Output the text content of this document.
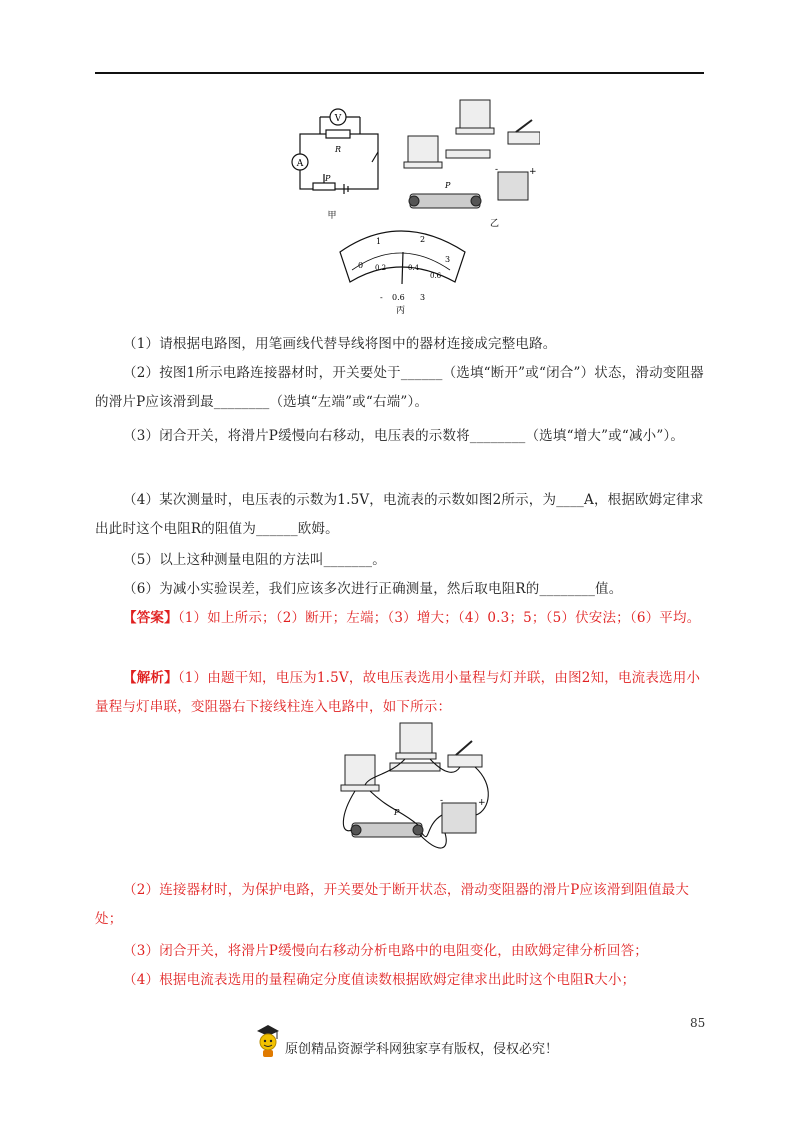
V
A
R
P
甲
P
-	+
乙
0
1	2
3
0.2	0.4
0.6
- 0.6 3
丙
（1）请根据电路图，用笔画线代替导线将图中的器材连接成完整电路。
（2）按图1所示电路连接器材时，开关要处于______（选填“断开”或“闭合”）状态，滑动变阻器的滑片P应该滑到最________（选填“左端”或“右端”）。
（3）闭合开关，将滑片P缓慢向右移动，电压表的示数将________（选填“增大”或“减小”）。
（4）某次测量时，电压表的示数为1.5V，电流表的示数如图2所示，为____A，根据欧姆定律求出此时这个电阻R的阻值为______欧姆。
（5）以上这种测量电阻的方法叫_______。
（6）为减小实验误差，我们应该多次进行正确测量，然后取电阻R的________值。
【答案】（1）如上所示；（2）断开；左端；（3）增大；（4）0.3；5；（5）伏安法；（6）平均。
【解析】（1）由题干知，电压为1.5V，故电压表选用小量程与灯并联，由图2知，电流表选用小量程与灯串联，变阻器右下接线柱连入电路中，如下所示：
P
-	+
（2）连接器材时，为保护电路，开关要处于断开状态，滑动变阻器的滑片P应该滑到阻值最大处；
（3）闭合开关，将滑片P缓慢向右移动分析电路中的电阻变化，由欧姆定律分析回答；
（4）根据电流表选用的量程确定分度值读数根据欧姆定律求出此时这个电阻R大小；
85
原创精品资源学科网独家享有版权，侵权必究！
